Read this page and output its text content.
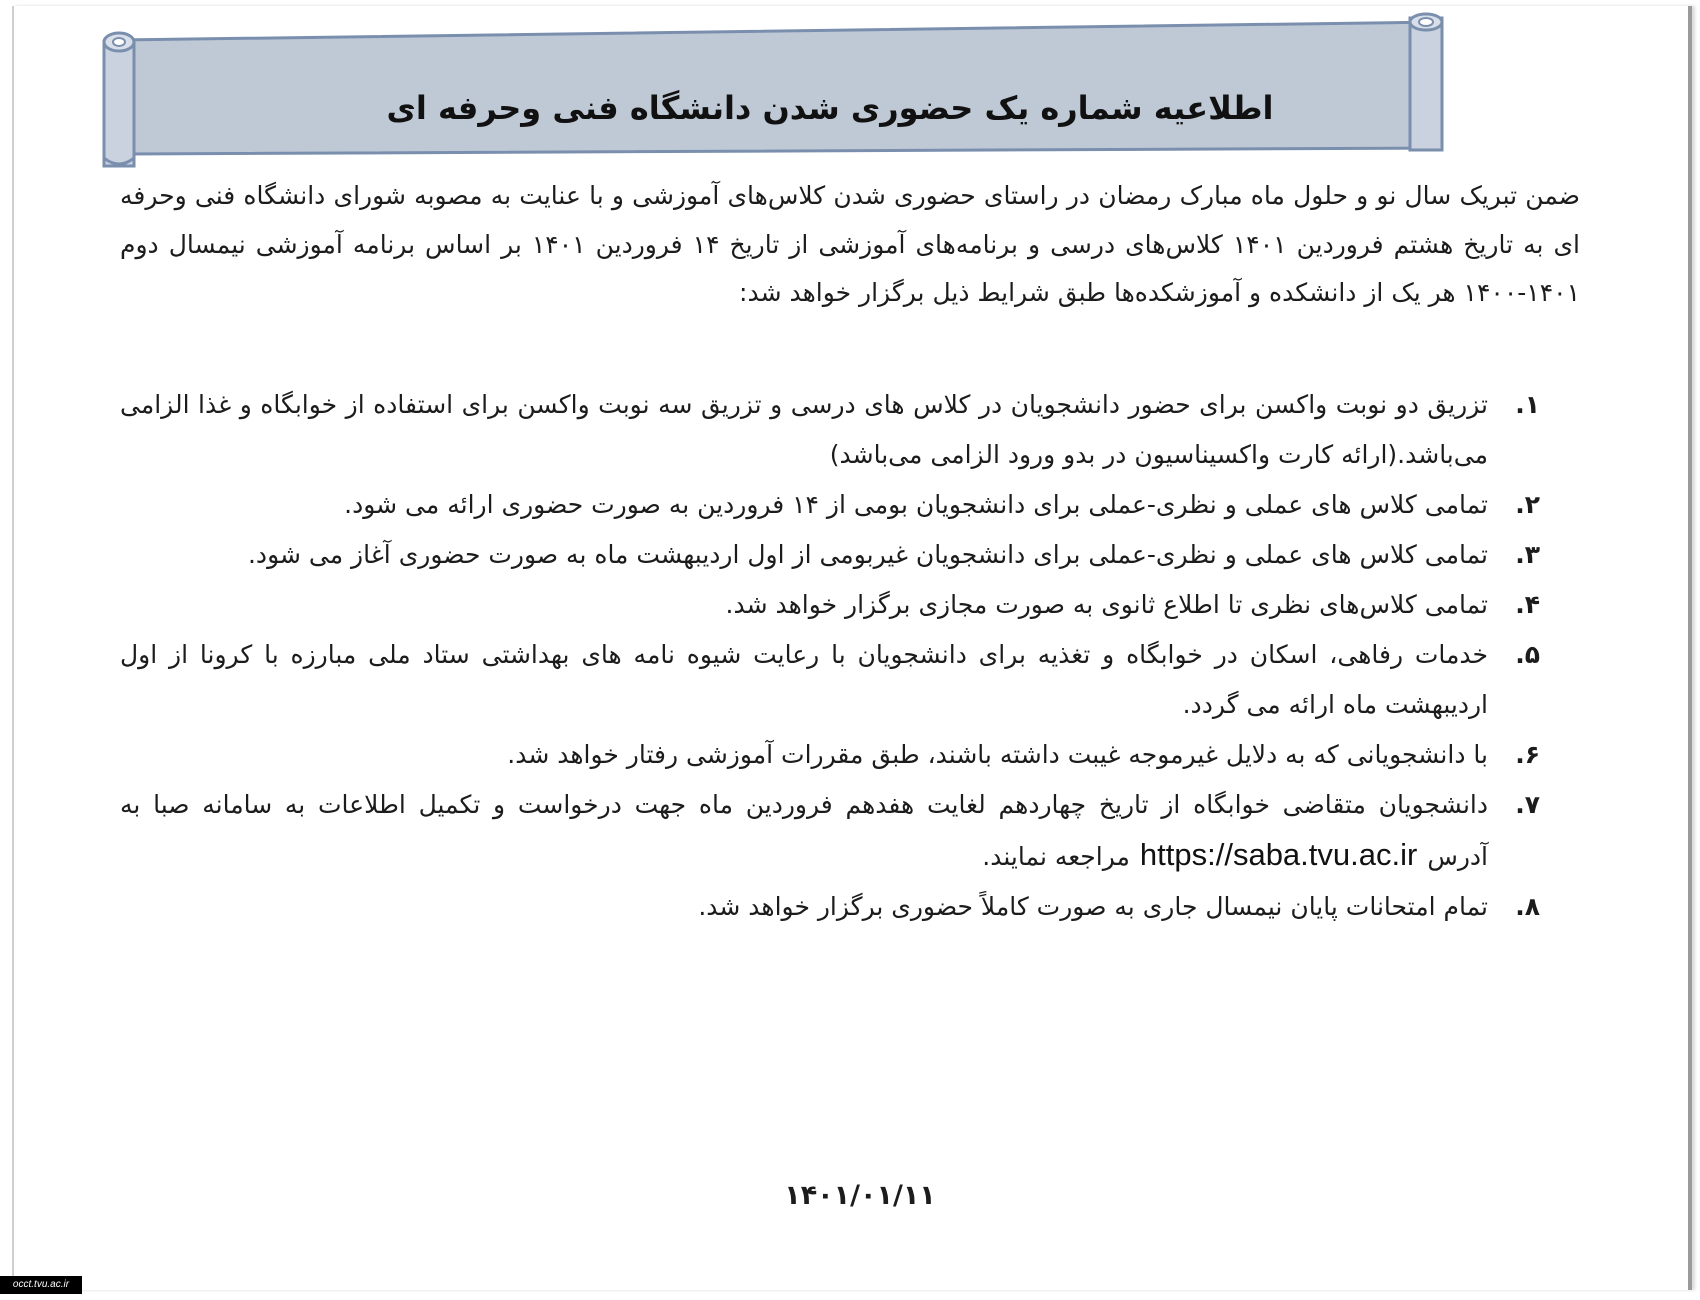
اطلاعیه شماره یک حضوری شدن دانشگاه فنی وحرفه ای
ضمن تبریک سال نو و حلول ماه مبارک رمضان در راستای حضوری شدن کلاس‌های آموزشی و با عنایت به مصوبه شورای دانشگاه فنی وحرفه ای به تاریخ هشتم فروردین ۱۴۰۱ کلاس‌های درسی و برنامه‌های آموزشی از تاریخ ۱۴ فروردین ۱۴۰۱ بر اساس برنامه آموزشی نیمسال دوم ۱۴۰۱-۱۴۰۰ هر یک از دانشکده و آموزشکده‌ها طبق شرایط ذیل برگزار خواهد شد:
۱.
تزریق دو نوبت واکسن برای حضور دانشجویان در کلاس های درسی و تزریق سه نوبت واکسن برای استفاده از خوابگاه و غذا الزامی می‌باشد.(ارائه کارت واکسیناسیون در بدو ورود الزامی می‌باشد)
۲.
تمامی کلاس های عملی و نظری-عملی برای دانشجویان بومی از ۱۴ فروردین به صورت حضوری ارائه می شود.
۳.
تمامی کلاس های عملی و نظری-عملی برای دانشجویان غیربومی از اول اردیبهشت ماه به صورت حضوری آغاز می شود.
۴.
تمامی کلاس‌های نظری تا اطلاع ثانوی به صورت مجازی برگزار خواهد شد.
۵.
خدمات رفاهی، اسکان در خوابگاه و تغذیه برای دانشجویان با رعایت شیوه نامه های بهداشتی ستاد ملی مبارزه با کرونا از اول اردیبهشت ماه ارائه می گردد.
۶.
با دانشجویانی که به دلایل غیرموجه غیبت داشته باشند، طبق مقررات آموزشی رفتار خواهد شد.
۷.
دانشجویان متقاضی خوابگاه از تاریخ چهاردهم لغایت هفدهم فروردین ماه جهت درخواست و تکمیل اطلاعات به سامانه صبا به آدرسhttps://saba.tvu.ac.irمراجعه نمایند.
۸.
تمام امتحانات پایان نیمسال جاری به صورت کاملاً حضوری برگزار خواهد شد.
۱۴۰۱/۰۱/۱۱
occt.tvu.ac.ir
